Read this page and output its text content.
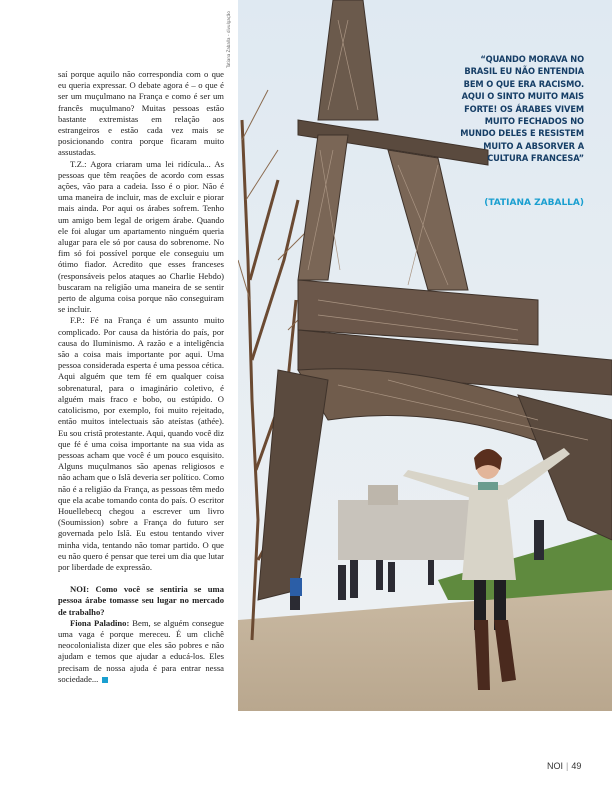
saí porque aquilo não correspondia com o que eu queria expressar. O debate agora é – o que é ser um muçulmano na França e como é ser um francês muçulmano? Muitas pessoas estão bastante extremistas em relação aos estrangeiros e estão cada vez mais se posicionando contra porque ficaram muito assustadas.

T.Z.: Agora criaram uma lei ridícula... As pessoas que têm reações de acordo com essas ações, vão para a cadeia. Isso é o pior. Não é uma maneira de incluir, mas de excluir e piorar mais ainda. Por aqui os árabes sofrem. Tenho um amigo bem legal de origem árabe. Quando ele foi alugar um apartamento ninguém queria alugar para ele só por causa do sobrenome. No fim só foi possível porque ele conseguiu um ótimo fiador. Acredito que esses franceses (responsáveis pelos ataques ao Charlie Hebdo) buscaram na religião uma maneira de se sentir perto de alguma coisa porque não conseguiram se incluir.

F.P.: Fé na França é um assunto muito complicado. Por causa da história do país, por causa do Iluminismo. A razão e a inteligência são a coisa mais importante por aqui. Uma pessoa considerada esperta é uma pessoa cética. Aqui alguém que tem fé em qualquer coisa sobrenatural, para o imaginário coletivo, é alguém mais fraco e bobo, ou estúpido. O catolicismo, por exemplo, foi muito rejeitado, então muitos intelectuais são ateístas (athée). Eu sou cristã protestante. Aqui, quando você diz que fé é uma coisa importante na sua vida as pessoas acham que você é um pouco esquisito. Alguns muçulmanos são apenas religiosos e não acham que o Islã deveria ser político. Como não é a religião da França, as pessoas têm medo que ela acabe tomando conta do país. O escritor Houellebecq chegou a escrever um livro (Soumission) sobre a França do futuro ser governada pelo Islã. Eu estou tentando viver minha vida, tentando não tomar partido. O que eu não quero é pensar que terei um dia que lutar por liberdade de expressão.

NOI: Como você se sentiria se uma pessoa árabe tomasse seu lugar no mercado de trabalho?

Fiona Paladino: Bem, se alguém consegue uma vaga é porque mereceu. É um clichê neocolonialista dizer que eles são pobres e não ajudam e temos que ajudar a educá-los. Eles precisam de nossa ajuda é para entrar nessa sociedade...

Tatiana Zaballa – divulgação	“QUANDO MORAVA NO BRASIL EU NÃO ENTENDIA BEM O QUE ERA RACISMO. AQUI O SINTO MUITO MAIS FORTE! OS ÁRABES VIVEM MUITO FECHADOS NO MUNDO DELES E RESISTEM MUITO A ABSORVER A CULTURA FRANCESA”
(TATIANA ZABALLA)
NOI | 49
